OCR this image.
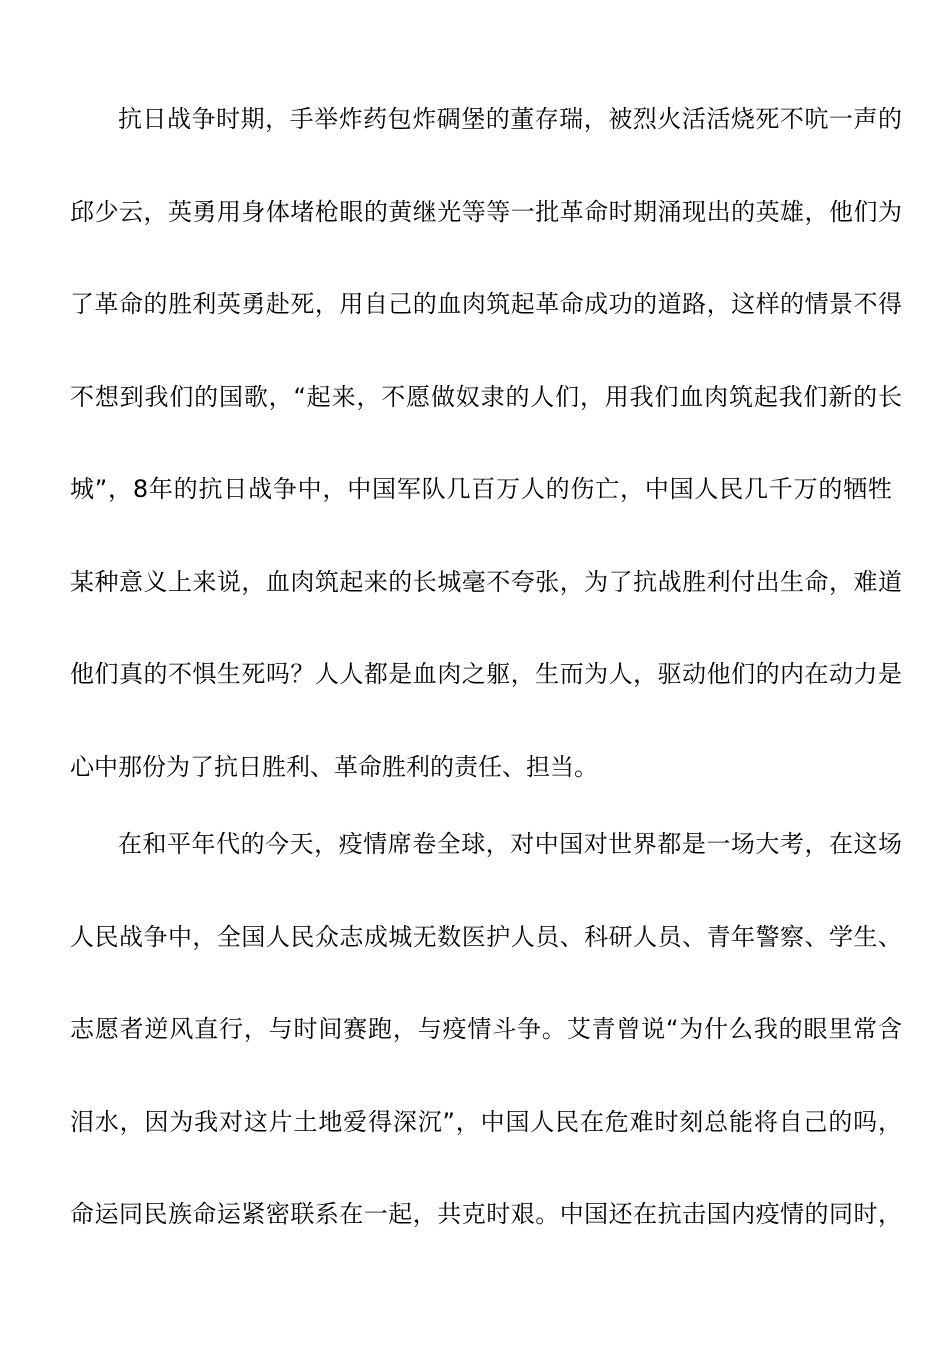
抗日战争时期，手举炸药包炸碉堡的董存瑞，被烈火活活烧死不吭一声的
邱少云，英勇用身体堵枪眼的黄继光等等一批革命时期涌现出的英雄，他们为
了革命的胜利英勇赴死，用自己的血肉筑起革命成功的道路，这样的情景不得
不想到我们的国歌，“起来，不愿做奴隶的人们，用我们血肉筑起我们新的长
城”，8年的抗日战争中，中国军队几百万人的伤亡，中国人民几千万的牺牲
某种意义上来说，血肉筑起来的长城毫不夸张，为了抗战胜利付出生命，难道
他们真的不惧生死吗？人人都是血肉之躯，生而为人，驱动他们的内在动力是
心中那份为了抗日胜利、革命胜利的责任、担当。
在和平年代的今天，疫情席卷全球，对中国对世界都是一场大考，在这场
人民战争中，全国人民众志成城无数医护人员、科研人员、青年警察、学生、
志愿者逆风直行，与时间赛跑，与疫情斗争。艾青曾说“为什么我的眼里常含
泪水，因为我对这片土地爱得深沉”，中国人民在危难时刻总能将自己的吗，
命运同民族命运紧密联系在一起，共克时艰。中国还在抗击国内疫情的同时，
